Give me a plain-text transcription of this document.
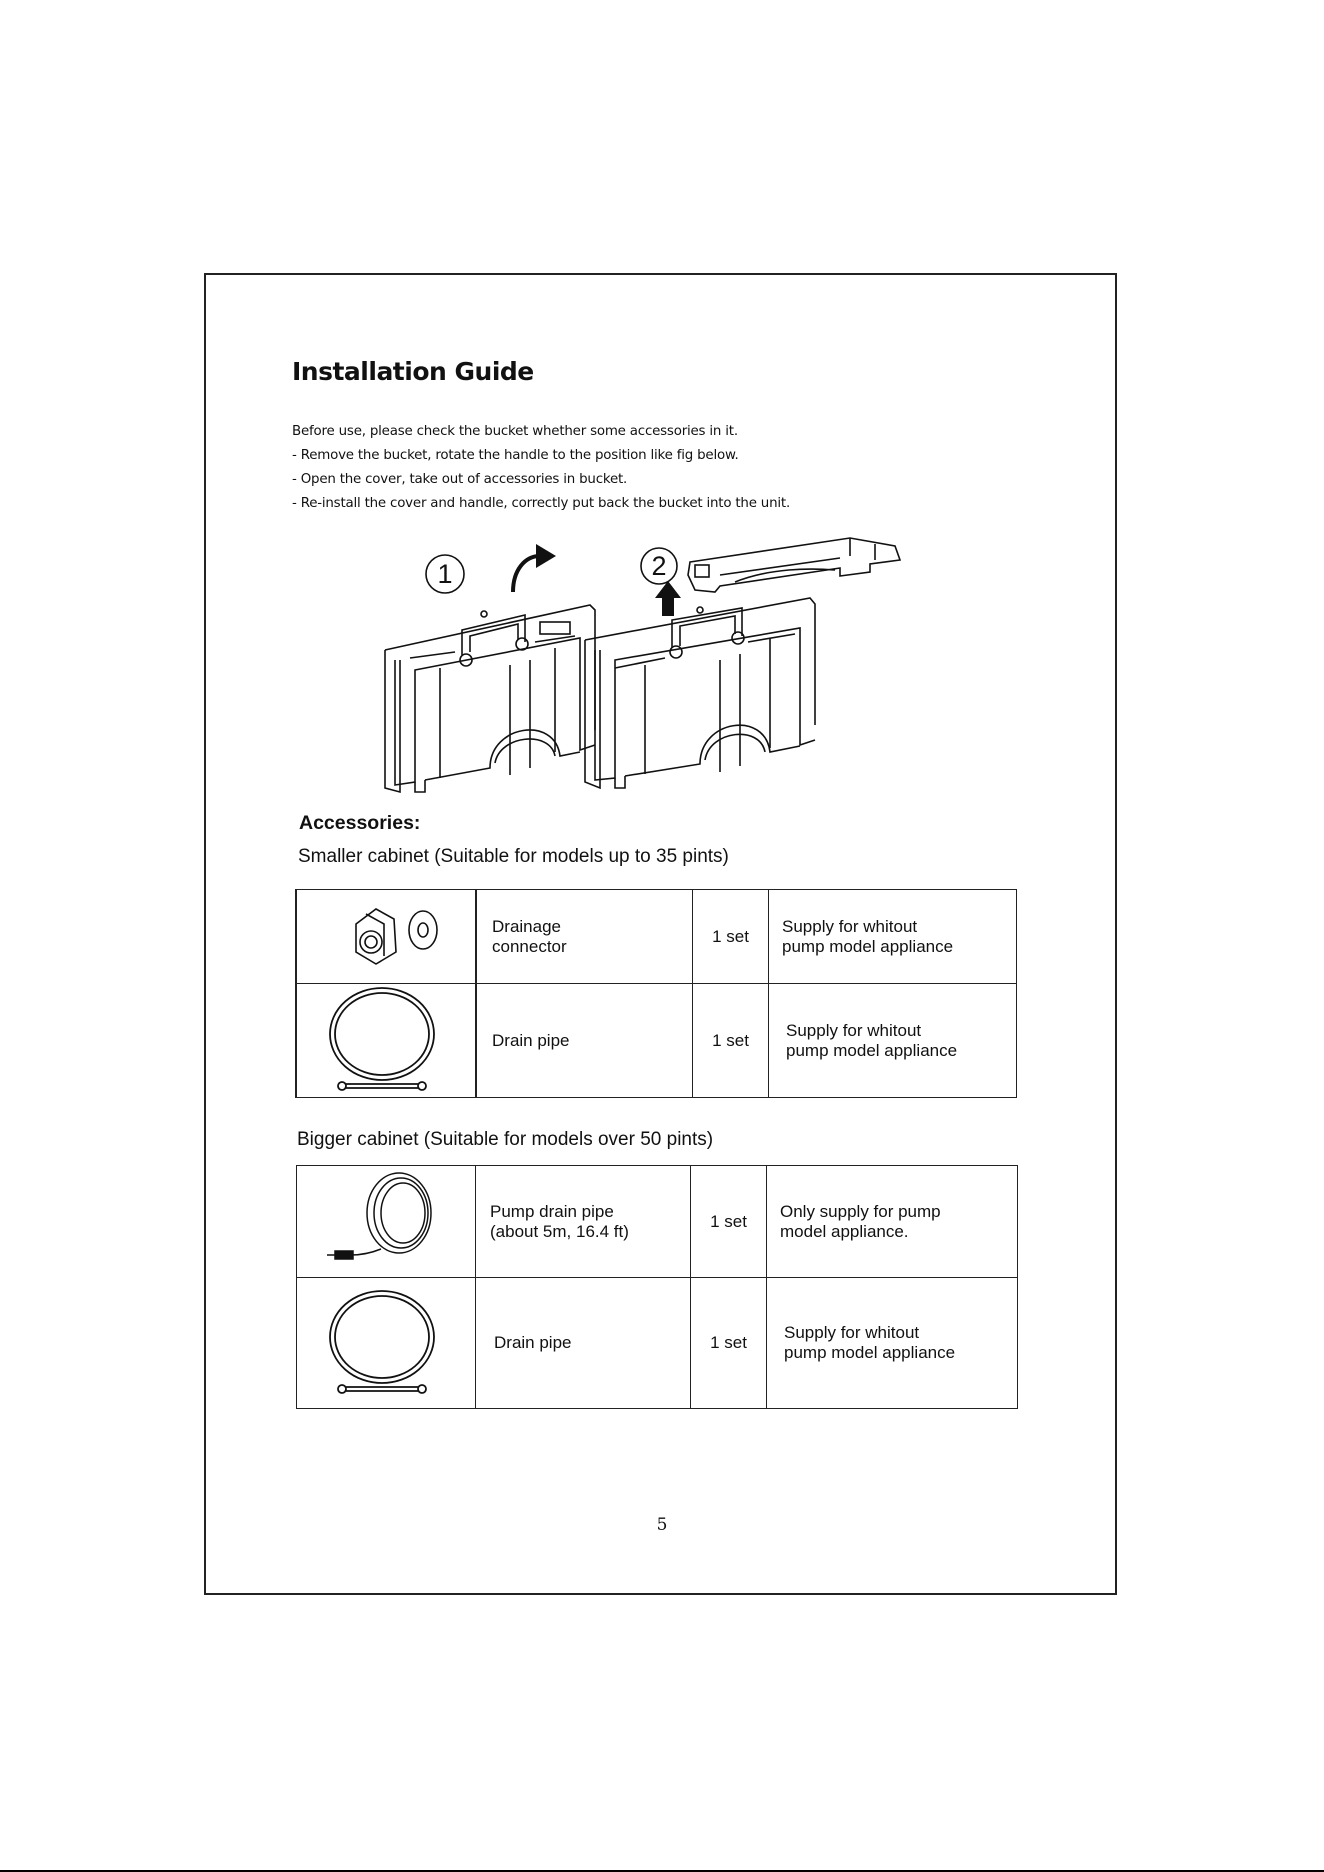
Installation Guide
Before use, please check the bucket whether some accessories in it.
- Remove the bucket, rotate the handle to the position like fig below.
- Open the cover, take out of accessories in bucket.
- Re-install the cover and handle, correctly put back the bucket into the unit.
1	2
Accessories:
Smaller cabinet (Suitable for models up to 35 pints)
	Drainage
connector	1 set	Supply for whitout
pump model appliance
	Drain pipe	1 set	Supply for whitout
pump model appliance
Bigger cabinet (Suitable for models over 50 pints)
	Pump drain pipe
(about 5m, 16.4 ft)	1 set	Only supply for pump
model appliance.
	Drain pipe	1 set	Supply for whitout
pump model appliance
5
